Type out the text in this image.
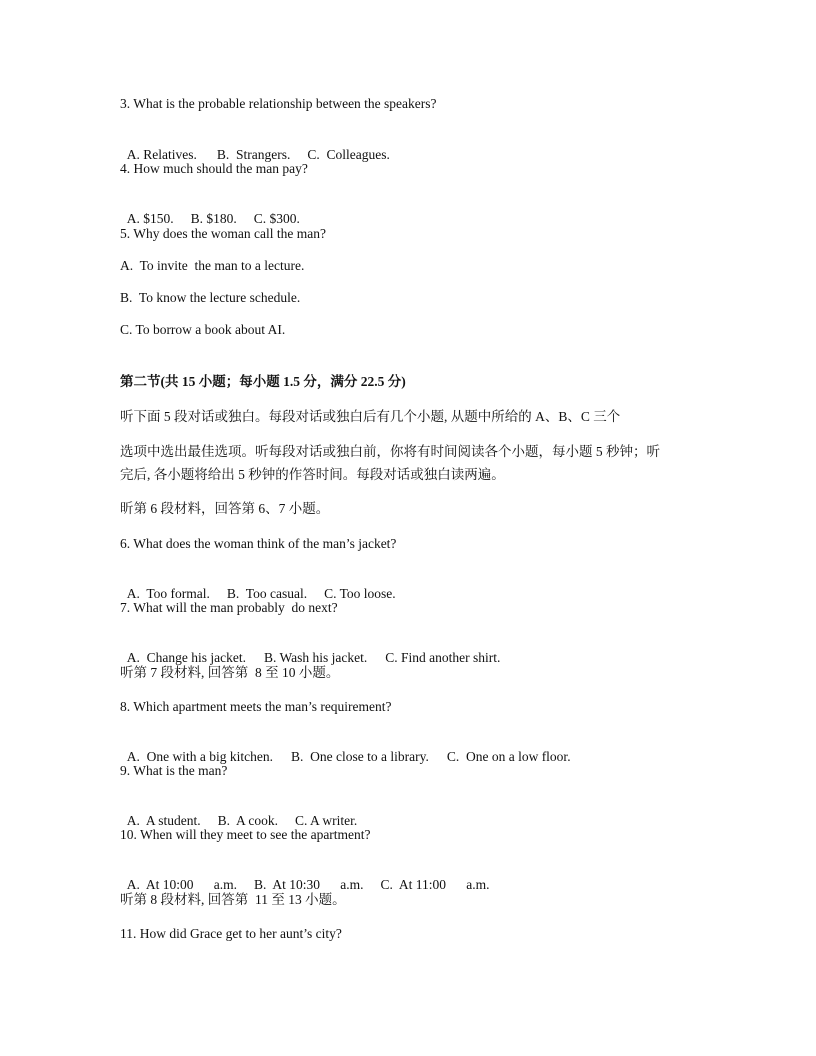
3. What is the probable relationship between the speakers?

A. Relatives. B.  Strangers. C.  Colleagues.

4. How much should the man pay?

A. $150. B. $180. C. $300.

5. Why does the woman call the man?
A.  To invite  the man to a lecture.
B.  To know the lecture schedule.
C. To borrow a book about AI.
第二节(共 15 小题；每小题 1.5 分，满分 22.5 分)
听下面 5 段对话或独白。每段对话或独白后有几个小题, 从题中所给的 A、B、C 三个
选项中选出最佳选项。听每段对话或独白前，你将有时间阅读各个小题，每小题 5 秒钟；听
完后, 各小题将给出 5 秒钟的作答时间。每段对话或独白读两遍。
昕第 6 段材料，回答第 6、7 小题。
6. What does the woman think of the man’s jacket?

A.  Too formal. B.  Too casual. C. Too loose.

7. What will the man probably  do next?

A.  Change his jacket. B. Wash his jacket. C. Find another shirt.

听第 7 段材料, 回答第  8 至 10 小题。
8. Which apartment meets the man’s requirement?

A.  One with a big kitchen. B.  One close to a library. C.  One on a low floor.

9. What is the man?

A.  A student. B.  A cook. C. A writer.

10. When will they meet to see the apartment?

A.  At 10:00      a.m. B.  At 10:30      a.m. C.  At 11:00      a.m.

听第 8 段材料, 回答第  11 至 13 小题。
11. How did Grace get to her aunt’s city?
